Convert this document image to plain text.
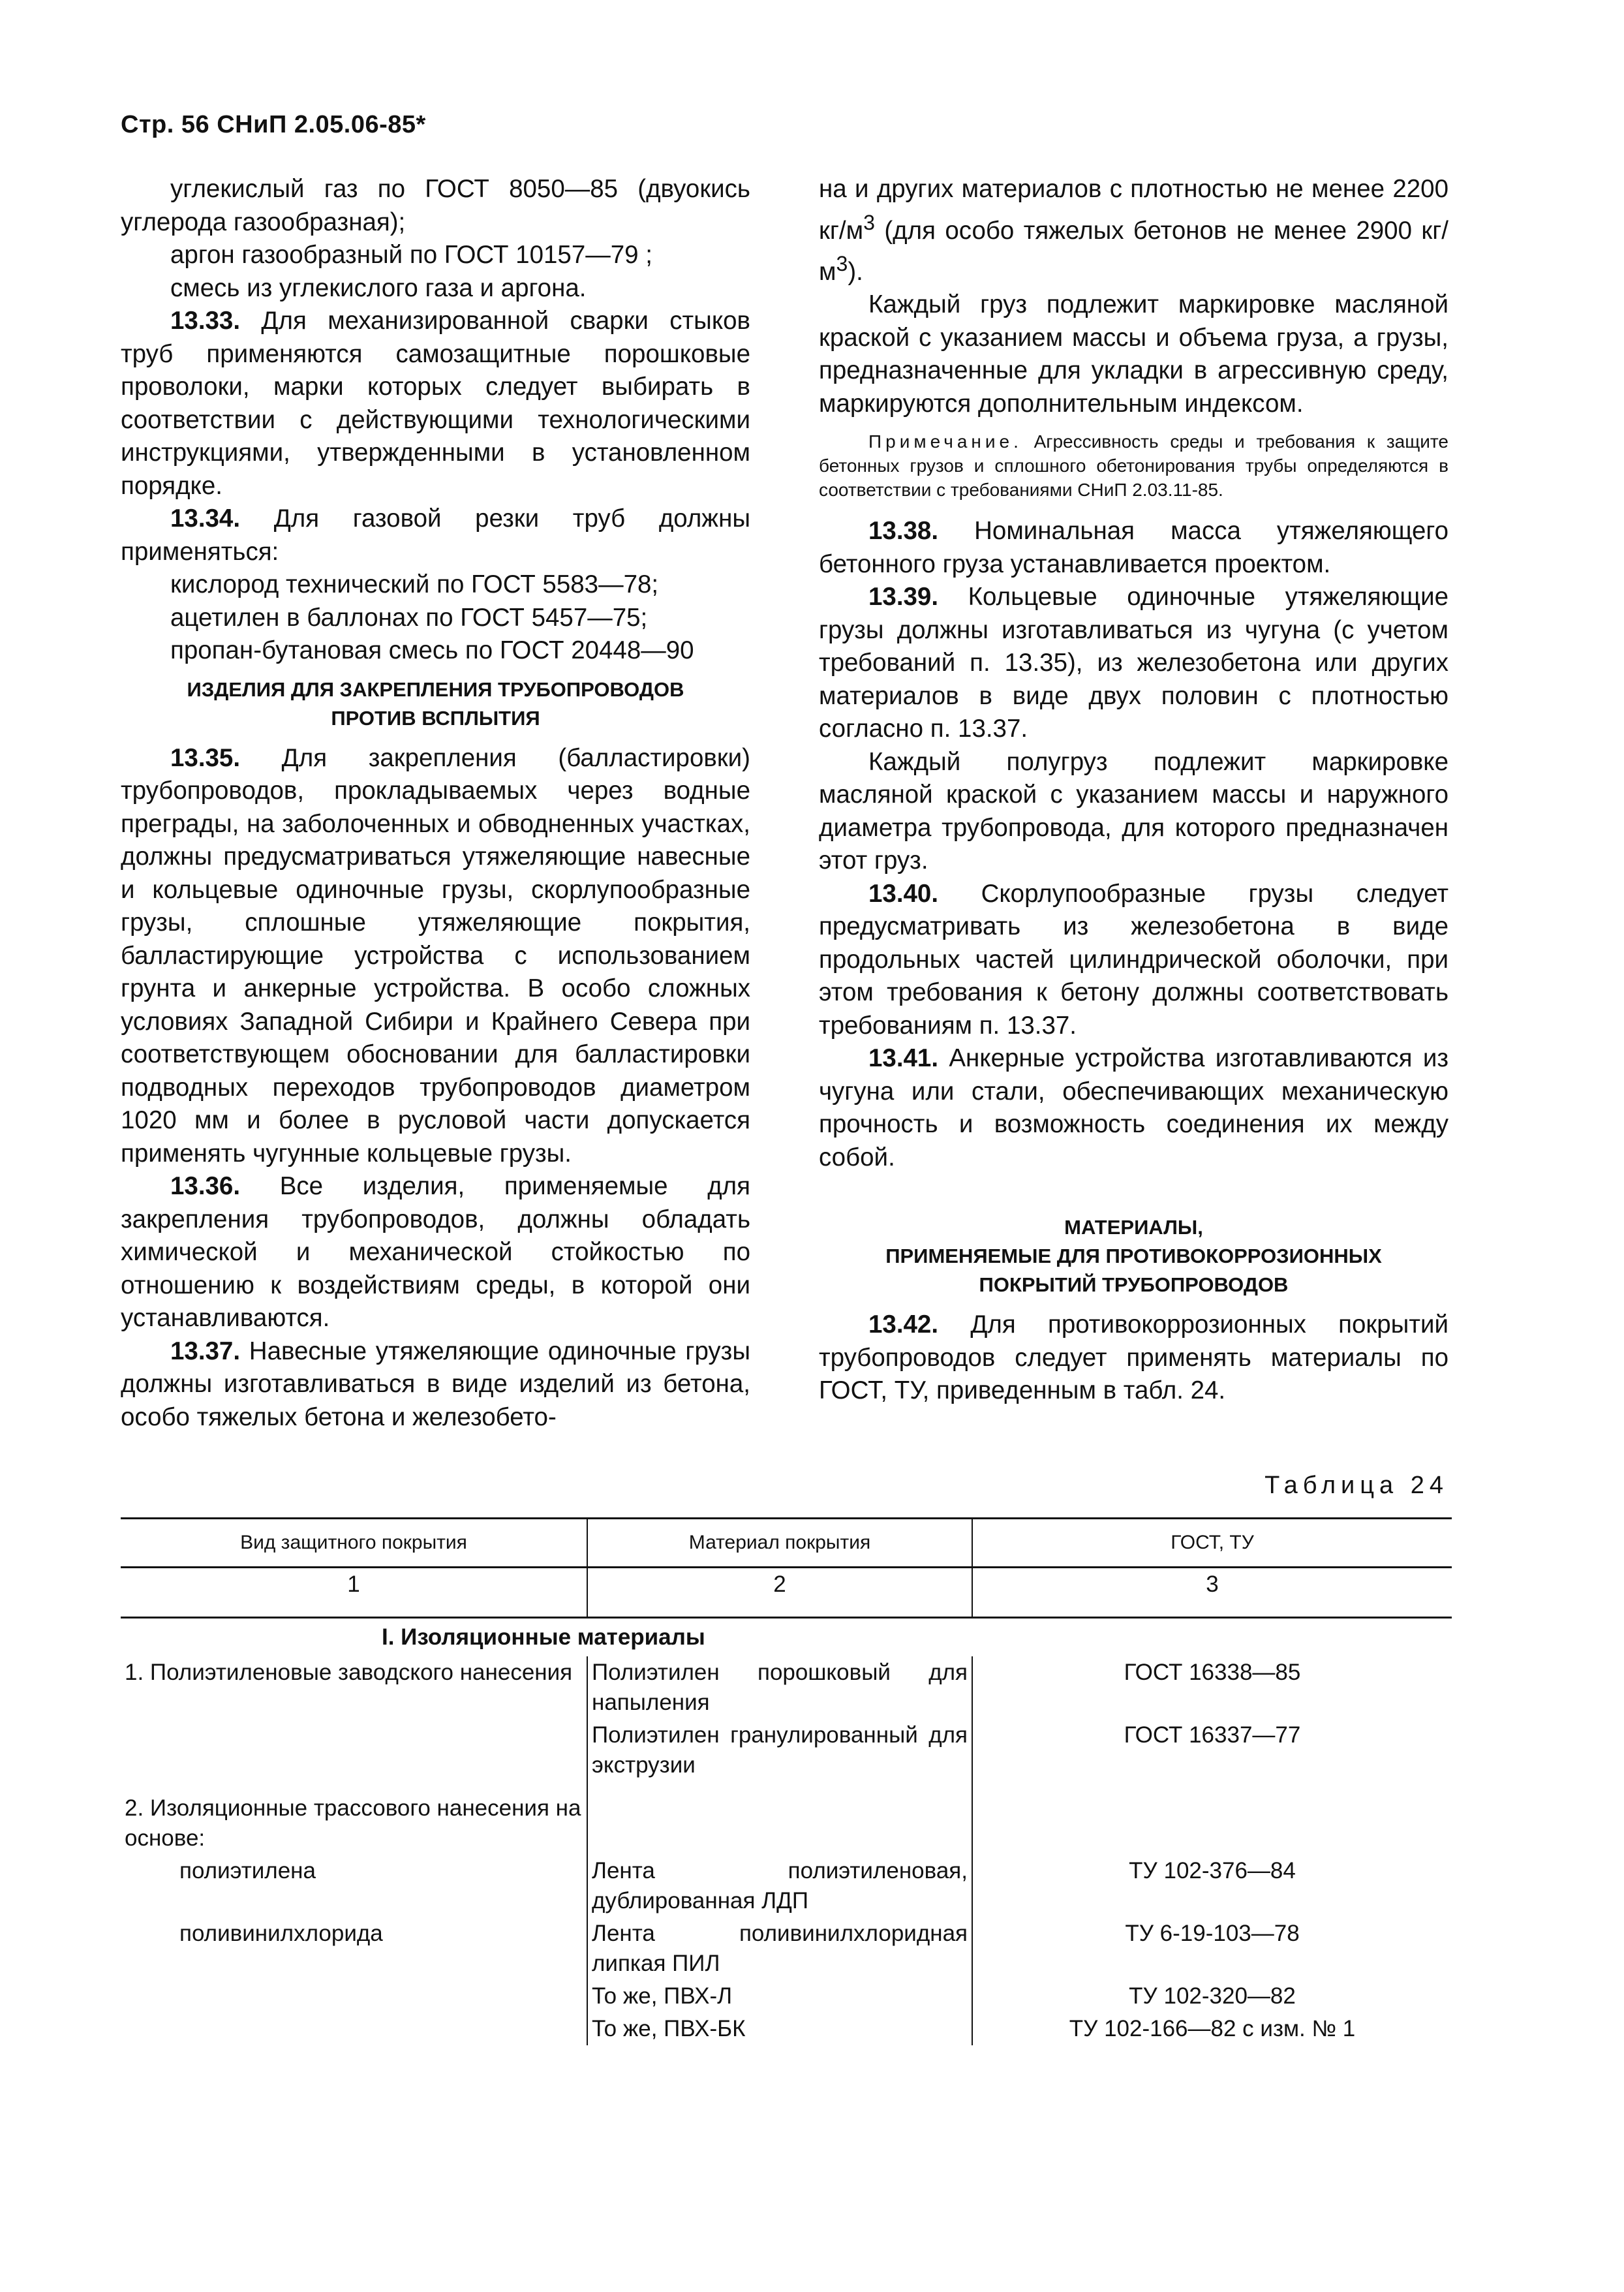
Стр. 56 СНиП 2.05.06-85*

углекислый газ по ГОСТ 8050—85 (двуокись углерода газообразная);

аргон газообразный по ГОСТ 10157—79 ;

смесь из углекислого газа и аргона.

13.33. Для механизированной сварки стыков труб применяются самозащитные порошковые проволоки, марки которых следует выбирать в соответствии с действующими технологическими инструкциями, утвержденными в установленном порядке.

13.34. Для газовой резки труб должны применяться:

кислород технический по ГОСТ 5583—78;

ацетилен в баллонах по ГОСТ 5457—75;

пропан-бутановая смесь по ГОСТ 20448—90

ИЗДЕЛИЯ ДЛЯ ЗАКРЕПЛЕНИЯ ТРУБОПРОВОДОВ
ПРОТИВ ВСПЛЫТИЯ

13.35. Для закрепления (балластировки) трубопроводов, прокладываемых через водные преграды, на заболоченных и обводненных участках, должны предусматриваться утяжеляющие навесные и кольцевые одиночные грузы, скорлупообразные грузы, сплошные утяжеляющие покрытия, балластирующие устройства с использованием грунта и анкерные устройства. В особо сложных условиях Западной Сибири и Крайнего Севера при соответствующем обосновании для балластировки подводных переходов трубопроводов диаметром 1020 мм и более в русловой части допускается применять чугунные кольцевые грузы.

13.36. Все изделия, применяемые для закрепления трубопроводов, должны обладать химической и механической стойкостью по отношению к воздействиям среды, в которой они устанавливаются.

13.37. Навесные утяжеляющие одиночные грузы должны изготавливаться в виде изделий из бетона, особо тяжелых бетона и железобето-

на и других материалов с плотностью не менее 2200 $кг/м^3$ (для особо тяжелых бетонов не менее 2900 $кг/м^3$).

Каждый груз подлежит маркировке масляной краской с указанием массы и объема груза, а грузы, предназначенные для укладки в агрессивную среду, маркируются дополнительным индексом.

Примечание. Агрессивность среды и требования к защите бетонных грузов и сплошного обетонирования трубы определяются в соответствии с требованиями СНиП 2.03.11-85.

13.38. Номинальная масса утяжеляющего бетонного груза устанавливается проектом.

13.39. Кольцевые одиночные утяжеляющие грузы должны изготавливаться из чугуна (с учетом требований п. 13.35), из железобетона или других материалов в виде двух половин с плотностью согласно п. 13.37.

Каждый полугруз подлежит маркировке масляной краской с указанием массы и наружного диаметра трубопровода, для которого предназначен этот груз.

13.40. Скорлупообразные грузы следует предусматривать из железобетона в виде продольных частей цилиндрической оболочки, при этом требования к бетону должны соответствовать требованиям п. 13.37.

13.41. Анкерные устройства изготавливаются из чугуна или стали, обеспечивающих механическую прочность и возможность соединения их между собой.

МАТЕРИАЛЫ,
ПРИМЕНЯЕМЫЕ ДЛЯ ПРОТИВОКОРРОЗИОННЫХ
ПОКРЫТИЙ ТРУБОПРОВОДОВ

13.42. Для противокоррозионных покрытий трубопроводов следует применять материалы по ГОСТ, ТУ, приведенным в табл. 24.

Таблица 24
Вид защитного покрытия	Материал покрытия	ГОСТ, ТУ
1	2	3
I. Изоляционные материалы		
1. Полиэтиленовые заводского нанесения	Полиэтилен порошковый для напыления	ГОСТ 16338—85
	Полиэтилен гранулированный для экструзии	ГОСТ 16337—77
2. Изоляционные трассового нанесения на основе:		
полиэтилена	Лента полиэтиленовая, дублированная ЛДП	ТУ 102-376—84
поливинилхлорида	Лента поливинилхлоридная липкая ПИЛ	ТУ 6-19-103—78
	То же, ПВХ-Л	ТУ 102-320—82
	То же, ПВХ-БК	ТУ 102-166—82 с изм. № 1
